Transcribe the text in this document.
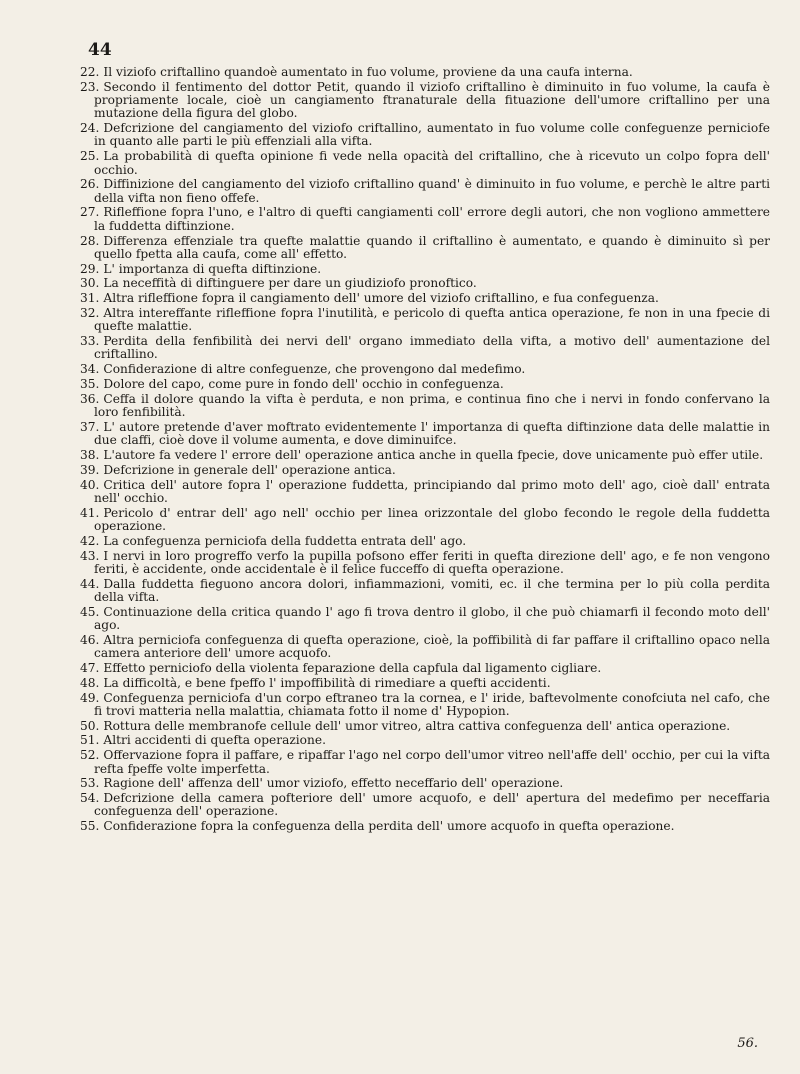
44

22. Il viziofo criftallino quandoè aumentato in fuo volume, proviene da una caufa interna.

23. Secondo il fentimento del dottor Petit, quando il viziofo criftallino è diminuito in fuo volume, la caufa è propriamente locale, cioè un cangiamento ftranaturale della fituazione dell'umore criftallino per una mutazione della figura del globo.

24. Defcrizione del cangiamento del viziofo criftallino, aumentato in fuo volume colle confeguenze perniciofe in quanto alle parti le più effenziali alla vifta.

25. La probabilità di quefta opinione fi vede nella opacità del criftallino, che à ricevuto un colpo fopra dell' occhio.

26. Diffinizione del cangiamento del viziofo criftallino quand' è diminuito in fuo volume, e perchè le altre parti della vifta non fieno offefe.

27. Rifleffione fopra l'uno, e l'altro di quefti cangiamenti coll' errore degli autori, che non vogliono ammettere la fuddetta diftinzione.

28. Differenza effenziale tra quefte malattie quando il criftallino è aumentato, e quando è diminuito sì per quello fpetta alla caufa, come all' effetto.

29. L' importanza di quefta diftinzione.

30. La neceffità di diftinguere per dare un giudiziofo pronoftico.

31. Altra rifleffione fopra il cangiamento dell' umore del viziofo criftallino, e fua confeguenza.

32. Altra intereffante rifleffione fopra l'inutilità, e pericolo di quefta antica operazione, fe non in una fpecie di quefte malattie.

33. Perdita della fenfibilità dei nervi dell' organo immediato della vifta, a motivo dell' aumentazione del criftallino.

34. Confiderazione di altre confeguenze, che provengono dal medefimo.

35. Dolore del capo, come pure in fondo dell' occhio in confeguenza.

36. Ceffa il dolore quando la vifta è perduta, e non prima, e continua fino che i nervi in fondo confervano la loro fenfibilità.

37. L' autore pretende d'aver moftrato evidentemente l' importanza di quefta diftinzione data delle malattie in due claffi, cioè dove il volume aumenta, e dove diminuifce.

38. L'autore fa vedere l' errore dell' operazione antica anche in quella fpecie, dove unicamente può effer utile.

39. Defcrizione in generale dell' operazione antica.

40. Critica dell' autore fopra l' operazione fuddetta, principiando dal primo moto dell' ago, cioè dall' entrata nell' occhio.

41. Pericolo d' entrar dell' ago nell' occhio per linea orizzontale del globo fecondo le regole della fuddetta operazione.

42. La confeguenza perniciofa della fuddetta entrata dell' ago.

43. I nervi in loro progreffo verfo la pupilla pofsono effer feriti in quefta direzione dell' ago, e fe non vengono feriti, è accidente, onde accidentale è il felice fucceffo di quefta operazione.

44. Dalla fuddetta fieguono ancora dolori, infiammazioni, vomiti, ec. il che termina per lo più colla perdita della vifta.

45. Continuazione della critica quando l' ago fi trova dentro il globo, il che può chiamarfi il fecondo moto dell' ago.

46. Altra perniciofa confeguenza di quefta operazione, cioè, la poffibilità di far paffare il criftallino opaco nella camera anteriore dell' umore acquofo.

47. Effetto perniciofo della violenta feparazione della capfula dal ligamento cigliare.

48. La difficoltà, e bene fpeffo l' impoffibilità di rimediare a quefti accidenti.

49. Confeguenza perniciofa d'un corpo eftraneo tra la cornea, e l' iride, baftevolmente conofciuta nel cafo, che fi trovi matteria nella malattia, chiamata fotto il nome d' Hypopion.

50. Rottura delle membranofe cellule dell' umor vitreo, altra cattiva confeguenza dell' antica operazione.

51. Altri accidenti di quefta operazione.

52. Offervazione fopra il paffare, e ripaffar l'ago nel corpo dell'umor vitreo nell'affe dell' occhio, per cui la vifta refta fpeffe volte imperfetta.

53. Ragione dell' affenza dell' umor viziofo, effetto neceffario dell' operazione.

54. Defcrizione della camera pofteriore dell' umore acquofo, e dell' apertura del medefimo per neceffaria confeguenza dell' operazione.

55. Confiderazione fopra la confeguenza della perdita dell' umore acquofo in quefta operazione.

56.
